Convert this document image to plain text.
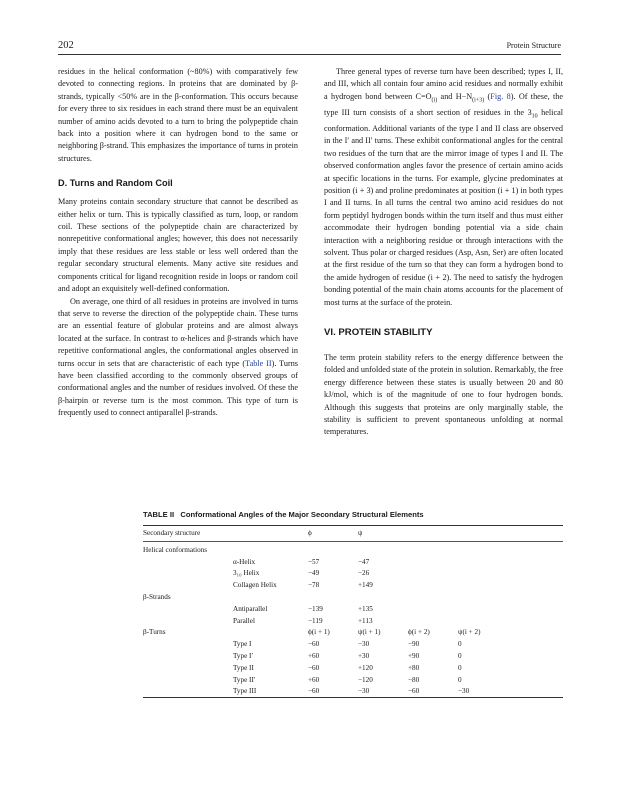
202	Protein Structure

residues in the helical conformation (~80%) with comparatively few devoted to connecting regions. In proteins that are dominated by β-strands, typically <50% are in the β-conformation. This occurs because for every three to six residues in each strand there must be an equivalent number of amino acids devoted to a turn to bring the polypeptide chain back into a position where it can hydrogen bond to the same or neighboring β-strand. This emphasizes the importance of turns in protein structures.

D. Turns and Random Coil

Many proteins contain secondary structure that cannot be described as either helix or turn. This is typically classified as turn, loop, or random coil. These sections of the polypeptide chain are characterized by nonrepetitive conformational angles; however, this does not necessarily imply that these residues are less stable or less well ordered than the regular secondary structural elements. Many active site residues and components critical for ligand recognition reside in loops or random coil and adopt an exquisitely well-defined conformation.

On average, one third of all residues in proteins are involved in turns that serve to reverse the direction of the polypeptide chain. These turns are an essential feature of globular proteins and are almost always located at the surface. In contrast to α-helices and β-strands which have repetitive conformational angles, the conformational angles observed in turns occur in sets that are characteristic of each type (Table II). Turns have been classified according to the commonly observed groups of conformational angles and the number of residues involved. Of these the β-hairpin or reverse turn is the most common. This type of turn is frequently used to connect antiparallel β-strands.

Three general types of reverse turn have been described; types I, II, and III, which all contain four amino acid residues and normally exhibit a hydrogen bond between $C=O_{(i)}$ and $H-N_{(i+3)}$ (Fig. 8). Of these, the type III turn consists of a short section of residues in the $3_{10}$ helical conformation. Additional variants of the type I and II class are observed in the I′ and II′ turns. These exhibit conformational angles for the central two residues of the turn that are the mirror image of types I and II. The observed conformation angles favor the presence of certain amino acids at specific locations in the turns. For example, glycine predominates at position (i + 3) and proline predominates at position (i + 1) in both types I and II turns. In all turns the central two amino acid residues do not form peptidyl hydrogen bonds within the turn itself and thus must either accommodate their hydrogen bonding potential via a side chain interaction with a neighboring residue or through interactions with the solvent. Thus polar or charged residues (Asp, Asn, Ser) are often located at the first residue of the turn so that they can form a hydrogen bond to the amide hydrogen of residue (i + 2). The need to satisfy the hydrogen bonding potential of the main chain atoms accounts for the placement of most turns at the surface of the protein.

VI. PROTEIN STABILITY

The term protein stability refers to the energy difference between the folded and unfolded state of the protein in solution. Remarkably, the free energy difference between these states is usually between 20 and 80 kJ/mol, which is of the magnitude of one to four hydrogen bonds. Although this suggests that proteins are only marginally stable, the stability is sufficient to prevent spontaneous unfolding at normal temperatures.

TABLE II Conformational Angles of the Major Secondary Structural Elements
Secondary structure		ϕ	ψ		

Helical conformations					
	α-Helix	−57	−47		
	3₁₀ Helix	−49	−26		
	Collagen Helix	−78	+149		
β-Strands					
	Antiparallel	−139	+135		
	Parallel	−119	+113		
β-Turns		ϕ(i + 1)	ψ(i + 1)	ϕ(i + 2)	ψ(i + 2)
	Type I	−60	−30	−90	0
	Type I′	+60	+30	+90	0
	Type II	−60	+120	+80	0
	Type II′	+60	−120	−80	0
	Type III	−60	−30	−60	−30
